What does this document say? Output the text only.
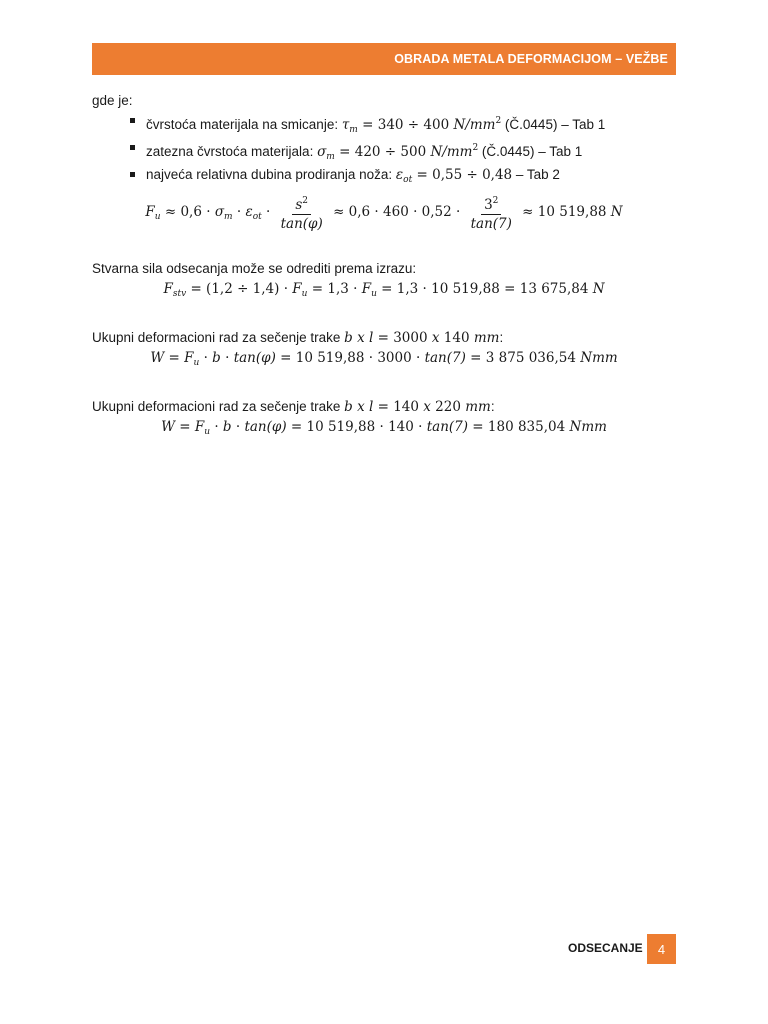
OBRADA METALA DEFORMACIJOM – VEŽBE

gde je:

čvrstoća materijala na smicanje: $\tau_m = 340 \div 400$ $N/mm^2$ (Č.0445) – Tab 1
zatezna čvrstoća materijala: $\sigma_m = 420 \div 500$ $N/mm^2$ (Č.0445) – Tab 1
najveća relativna dubina prodiranja noža: $\varepsilon_{ot} = 0,55 \div 0,48$ – Tab 2
$F_u \approx 0,6 \cdot \sigma_m \cdot \varepsilon_{ot} \cdot \frac{s^2}{\tan(\varphi)} \approx 0,6 \cdot 460 \cdot 0,52 \cdot \frac{3^2}{\tan(7)} \approx 10$ 519,88 N

Stvarna sila odsecanja može se odrediti prema izrazu:

$F_{stv} = (1,2 \div 1,4) \cdot F_u = 1,3 \cdot F_u = 1,3 \cdot 10$ 519,88 = 13 675,84 N

Ukupni deformacioni rad za sečenje trake b x l = 3000 x 140 mm:

$W = F_u \cdot b \cdot \tan(\varphi) = 10$ 519,88 · 3000 · tan(7) = 3 875 036,54 Nmm

Ukupni deformacioni rad za sečenje trake b x l = 140 x 220 mm:

$W = F_u \cdot b \cdot \tan(\varphi) = 10$ 519,88 · 140 · tan(7) = 180 835,04 Nmm
ODSECANJE 4
